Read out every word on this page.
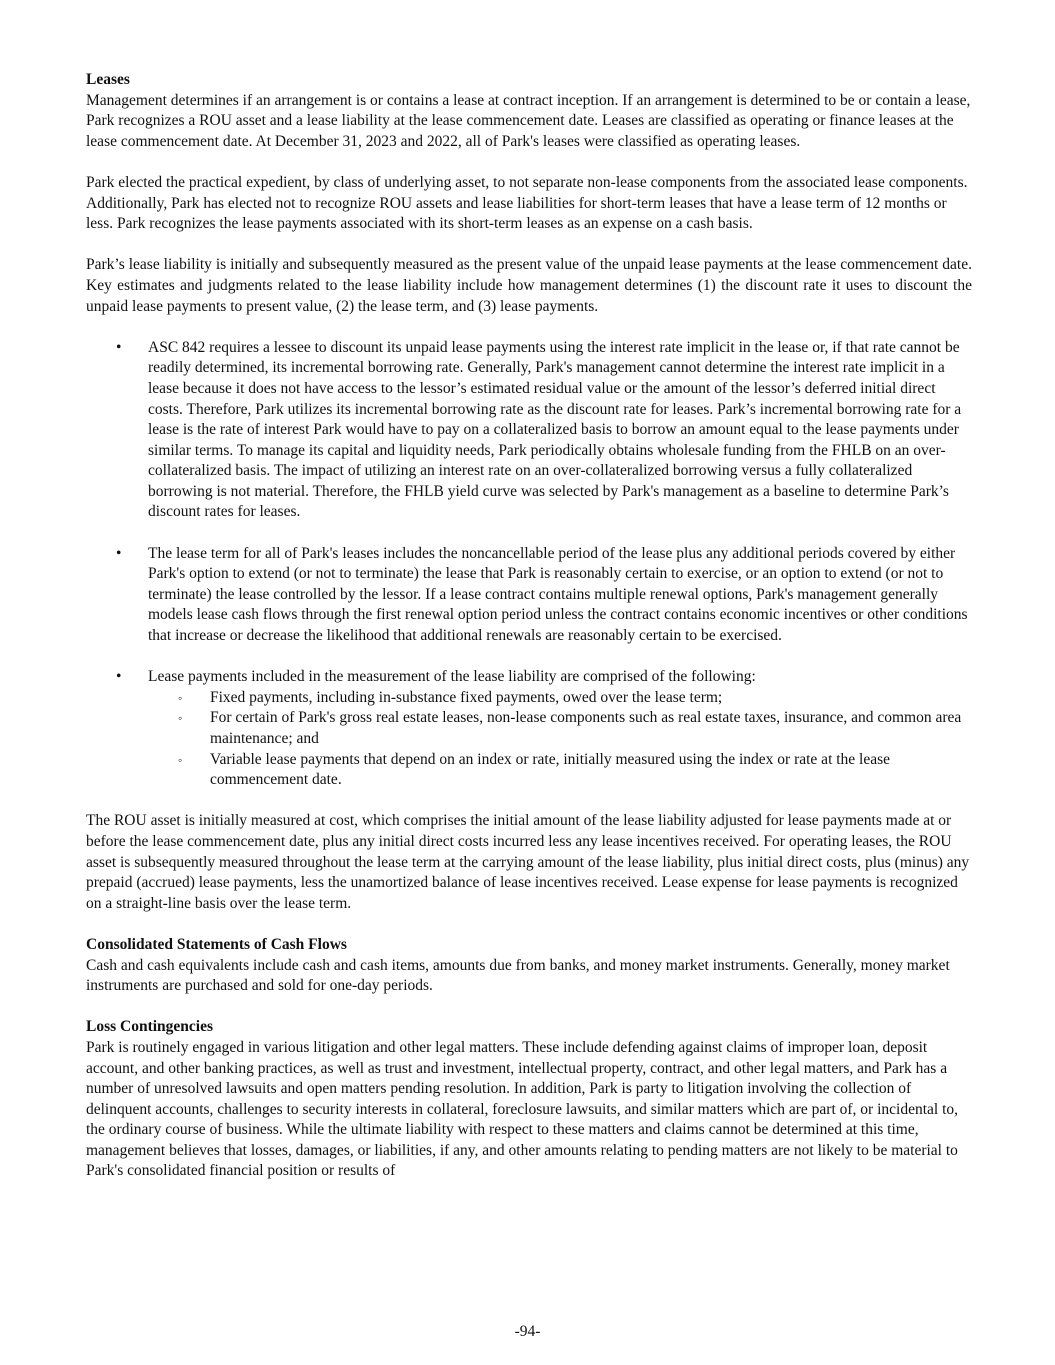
Leases

Management determines if an arrangement is or contains a lease at contract inception. If an arrangement is determined to be or contain a lease, Park recognizes a ROU asset and a lease liability at the lease commencement date. Leases are classified as operating or finance leases at the lease commencement date. At December 31, 2023 and 2022, all of Park's leases were classified as operating leases.

Park elected the practical expedient, by class of underlying asset, to not separate non-lease components from the associated lease components. Additionally, Park has elected not to recognize ROU assets and lease liabilities for short-term leases that have a lease term of 12 months or less. Park recognizes the lease payments associated with its short-term leases as an expense on a cash basis.

Park’s lease liability is initially and subsequently measured as the present value of the unpaid lease payments at the lease commencement date. Key estimates and judgments related to the lease liability include how management determines (1) the discount rate it uses to discount the unpaid lease payments to present value, (2) the lease term, and (3) lease payments.

• ASC 842 requires a lessee to discount its unpaid lease payments using the interest rate implicit in the lease or, if that rate cannot be readily determined, its incremental borrowing rate. Generally, Park's management cannot determine the interest rate implicit in a lease because it does not have access to the lessor’s estimated residual value or the amount of the lessor’s deferred initial direct costs. Therefore, Park utilizes its incremental borrowing rate as the discount rate for leases. Park’s incremental borrowing rate for a lease is the rate of interest Park would have to pay on a collateralized basis to borrow an amount equal to the lease payments under similar terms. To manage its capital and liquidity needs, Park periodically obtains wholesale funding from the FHLB on an over-collateralized basis. The impact of utilizing an interest rate on an over-collateralized borrowing versus a fully collateralized borrowing is not material. Therefore, the FHLB yield curve was selected by Park's management as a baseline to determine Park’s discount rates for leases.
• The lease term for all of Park's leases includes the noncancellable period of the lease plus any additional periods covered by either Park's option to extend (or not to terminate) the lease that Park is reasonably certain to exercise, or an option to extend (or not to terminate) the lease controlled by the lessor. If a lease contract contains multiple renewal options, Park's management generally models lease cash flows through the first renewal option period unless the contract contains economic incentives or other conditions that increase or decrease the likelihood that additional renewals are reasonably certain to be exercised.
• Lease payments included in the measurement of the lease liability are comprised of the following:
◦ Fixed payments, including in-substance fixed payments, owed over the lease term;
◦ For certain of Park's gross real estate leases, non-lease components such as real estate taxes, insurance, and common area maintenance; and
◦ Variable lease payments that depend on an index or rate, initially measured using the index or rate at the lease commencement date.

The ROU asset is initially measured at cost, which comprises the initial amount of the lease liability adjusted for lease payments made at or before the lease commencement date, plus any initial direct costs incurred less any lease incentives received. For operating leases, the ROU asset is subsequently measured throughout the lease term at the carrying amount of the lease liability, plus initial direct costs, plus (minus) any prepaid (accrued) lease payments, less the unamortized balance of lease incentives received. Lease expense for lease payments is recognized on a straight-line basis over the lease term.

Consolidated Statements of Cash Flows

Cash and cash equivalents include cash and cash items, amounts due from banks, and money market instruments. Generally, money market instruments are purchased and sold for one-day periods.

Loss Contingencies

Park is routinely engaged in various litigation and other legal matters. These include defending against claims of improper loan, deposit account, and other banking practices, as well as trust and investment, intellectual property, contract, and other legal matters, and Park has a number of unresolved lawsuits and open matters pending resolution. In addition, Park is party to litigation involving the collection of delinquent accounts, challenges to security interests in collateral, foreclosure lawsuits, and similar matters which are part of, or incidental to, the ordinary course of business. While the ultimate liability with respect to these matters and claims cannot be determined at this time, management believes that losses, damages, or liabilities, if any, and other amounts relating to pending matters are not likely to be material to Park's consolidated financial position or results of

-94-
